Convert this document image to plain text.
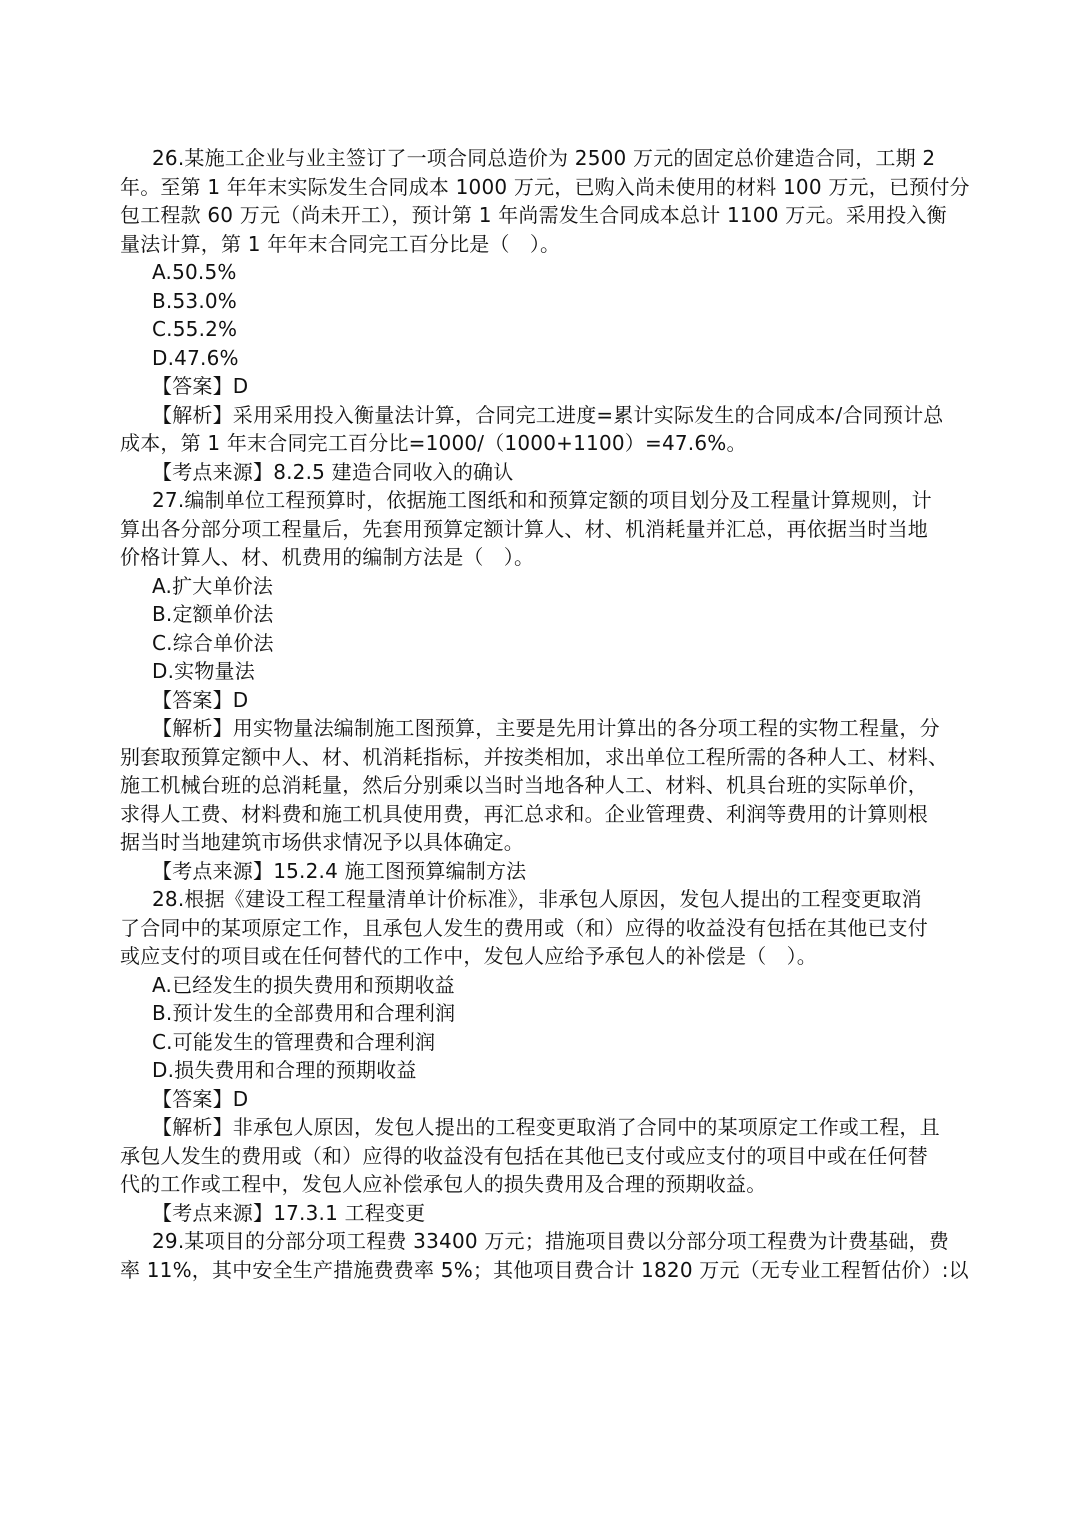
26.某施工企业与业主签订了一项合同总造价为 2500 万元的固定总价建造合同，工期 2
年。至第 1 年年末实际发生合同成本 1000 万元，已购入尚未使用的材料 100 万元，已预付分
包工程款 60 万元（尚未开工），预计第 1 年尚需发生合同成本总计 1100 万元。采用投入衡
量法计算，第 1 年年末合同完工百分比是（　）。
A.50.5%
B.53.0%
C.55.2%
D.47.6%
【答案】D
【解析】采用采用投入衡量法计算，合同完工进度=累计实际发生的合同成本/合同预计总
成本，第 1 年末合同完工百分比=1000/（1000+1100）=47.6%。
【考点来源】8.2.5 建造合同收入的确认
27.编制单位工程预算时，依据施工图纸和和预算定额的项目划分及工程量计算规则，计
算出各分部分项工程量后，先套用预算定额计算人、材、机消耗量并汇总，再依据当时当地
价格计算人、材、机费用的编制方法是（　）。
A.扩大单价法
B.定额单价法
C.综合单价法
D.实物量法
【答案】D
【解析】用实物量法编制施工图预算，主要是先用计算出的各分项工程的实物工程量，分
别套取预算定额中人、材、机消耗指标，并按类相加，求出单位工程所需的各种人工、材料、
施工机械台班的总消耗量，然后分别乘以当时当地各种人工、材料、机具台班的实际单价，
求得人工费、材料费和施工机具使用费，再汇总求和。企业管理费、利润等费用的计算则根
据当时当地建筑市场供求情况予以具体确定。
【考点来源】15.2.4 施工图预算编制方法
28.根据《建设工程工程量清单计价标准》，非承包人原因，发包人提出的工程变更取消
了合同中的某项原定工作，且承包人发生的费用或（和）应得的收益没有包括在其他已支付
或应支付的项目或在任何替代的工作中，发包人应给予承包人的补偿是（　）。
A.已经发生的损失费用和预期收益
B.预计发生的全部费用和合理利润
C.可能发生的管理费和合理利润
D.损失费用和合理的预期收益
【答案】D
【解析】非承包人原因，发包人提出的工程变更取消了合同中的某项原定工作或工程，且
承包人发生的费用或（和）应得的收益没有包括在其他已支付或应支付的项目中或在任何替
代的工作或工程中，发包人应补偿承包人的损失费用及合理的预期收益。
【考点来源】17.3.1 工程变更
29.某项目的分部分项工程费 33400 万元；措施项目费以分部分项工程费为计费基础，费
率 11%，其中安全生产措施费费率 5%；其他项目费合计 1820 万元（无专业工程暂估价）:以
